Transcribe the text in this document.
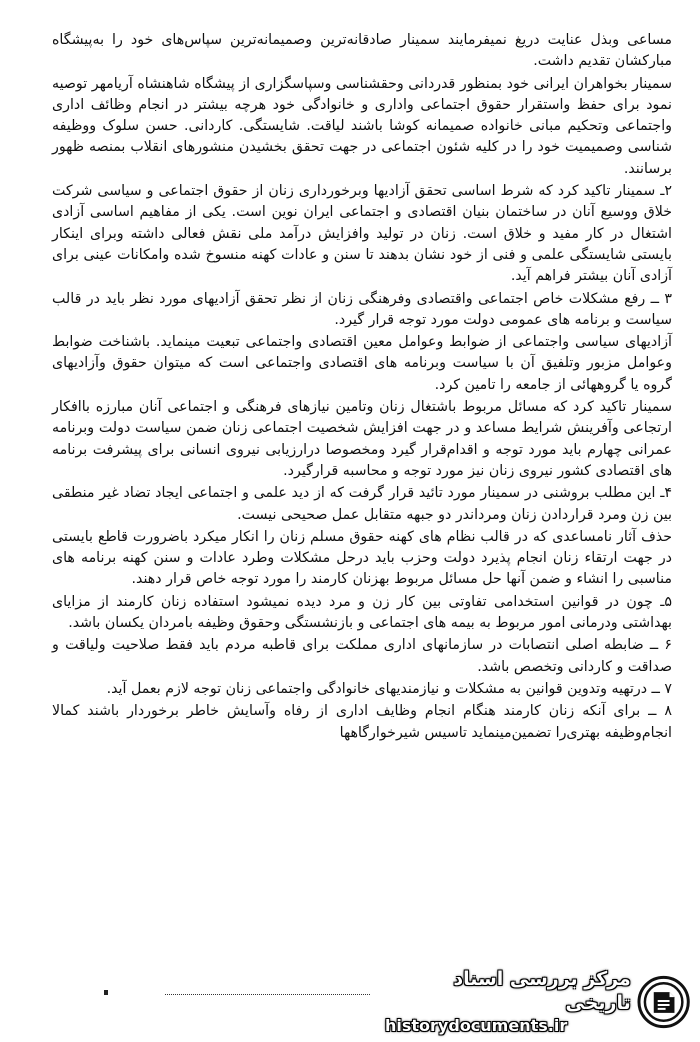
مساعی وبذل عنایت دریغ نمیفرمایند سمینار صادقانه‌ترین وصمیمانه‌ترین سپاس‌های خود را به‌پیشگاه مبارکشان تقدیم داشت.

سمینار بخواهران ایرانی خود بمنظور قدردانی وحقشناسی وسپاسگزاری از پیشگاه شاهنشاه آریامهر توصیه نمود برای حفظ واستقرار حقوق اجتماعی واداری و خانوادگی خود هرچه بیشتر در انجام وظائف اداری واجتماعی وتحکیم مبانی خانواده صمیمانه کوشا باشند لیاقت. شایستگی. کاردانی. حسن سلوک ووظیفه شناسی وصمیمیت خود را در کلیه شئون اجتماعی در جهت تحقق بخشیدن منشورهای انقلاب بمنصه ظهور برسانند.

۲ـ سمینار تاکید کرد که شرط اساسی تحقق آزادیها وبرخورداری زنان از حقوق اجتماعی و سیاسی شرکت خلاق ووسیع آنان در ساختمان بنیان اقتصادی و اجتماعی ایران نوین است. یکی از مفاهیم اساسی آزادی اشتغال در کار مفید و خلاق است. زنان در تولید وافزایش درآمد ملی نقش فعالی داشته وبرای اینکار بایستی شایستگی علمی و فنی از خود نشان بدهند تا سنن و عادات کهنه منسوخ شده وامکانات عینی برای آزادی آنان بیشتر فراهم آید.

۳ ــ رفع مشکلات خاص اجتماعی واقتصادی وفرهنگی زنان از نظر تحقق آزادیهای مورد نظر باید در قالب سیاست و برنامه های عمومی دولت مورد توجه قرار گیرد.

آزادیهای سیاسی واجتماعی از ضوابط وعوامل معین اقتصادی واجتماعی تبعیت مینماید. باشناخت ضوابط وعوامل مزبور وتلفیق آن با سیاست وبرنامه های اقتصادی واجتماعی است که میتوان حقوق وآزادیهای گروه یا گروههائی از جامعه را تامین کرد.

سمینار تاکید کرد که مسائل مربوط باشتغال زنان وتامین نیازهای فرهنگی و اجتماعی آنان مبارزه باافکار ارتجاعی وآفرینش شرایط مساعد و در جهت افزایش شخصیت اجتماعی زنان ضمن سیاست دولت وبرنامه عمرانی چهارم باید مورد توجه و اقدام‌قرار گیرد ومخصوصا درارزیابی نیروی انسانی برای پیشرفت برنامه های اقتصادی کشور نیروی زنان نیز مورد توجه و محاسبه قرارگیرد.

۴ـ این مطلب بروشنی در سمینار مورد تائید قرار گرفت که از دید علمی و اجتماعی ایجاد تضاد غیر منطقی بین زن ومرد قراردادن زنان ومرداندر دو جبهه متقابل عمل صحیحی نیست.

حذف آثار نامساعدی که در قالب نظام های کهنه حقوق مسلم زنان را انکار میکرد باضرورت قاطع بایستی در جهت ارتقاء زنان انجام پذیرد دولت وحزب باید درحل مشکلات وطرد عادات و سنن کهنه برنامه های مناسبی را انشاء و ضمن آنها حل مسائل مربوط بهزنان کارمند را مورد توجه خاص قرار دهند.

۵ـ چون در قوانین استخدامی تفاوتی بین کار زن و مرد دیده نمیشود استفاده زنان کارمند از مزایای بهداشتی ودرمانی امور مربوط به بیمه های اجتماعی و بازنشستگی وحقوق وظیفه بامردان یکسان باشد.

۶ ــ ضابطه اصلی انتصابات در سازمانهای اداری مملکت برای قاطبه مردم باید فقط صلاحیت ولیاقت و صداقت و کاردانی وتخصص باشد.

۷ ــ درتهیه وتدوین قوانین به مشکلات و نیازمندیهای خانوادگی واجتماعی زنان توجه لازم بعمل آید.

۸ ــ برای آنکه زنان کارمند هنگام انجام وظایف اداری از رفاه وآسایش خاطر برخوردار باشند کماﻻ انجام‌وظیفه بهتری‌را تضمین‌مینماید تاسیس شیرخوارگاهها

مرکز بررسی اسناد تاریخی
historydocuments.ir
